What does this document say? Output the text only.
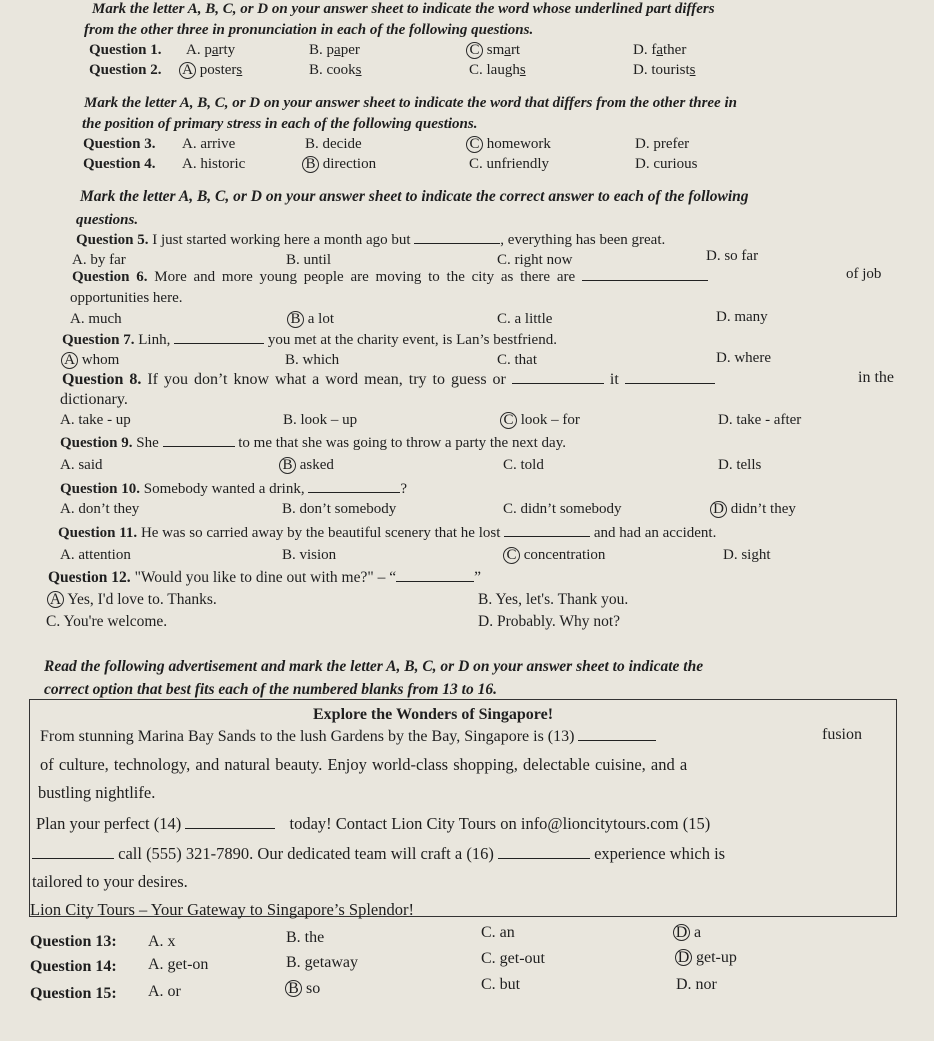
Mark the letter A, B, C, or D on your answer sheet to indicate the word whose underlined part differs
from the other three in pronunciation in each of the following questions.
Question 1. A. party	B. paper	C smart	D. father
Question 2. A posters	B. cooks	C. laughs	D. tourists
Mark the letter A, B, C, or D on your answer sheet to indicate the word that differs from the other three in
the position of primary stress in each of the following questions.
Question 3. A. arrive	B. decide	C homework	D. prefer
Question 4. A. historic	B direction	C. unfriendly	D. curious
Mark the letter A, B, C, or D on your answer sheet to indicate the correct answer to each of the following
questions.
Question 5. I just started working here a month ago but	, everything has been great.
A. by far	B. until	C. right now	D. so far
Question 6. More and more young people are moving to the city as there are	of job
opportunities here.
A. much	B a lot	C. a little	D. many
Question 7. Linh,	you met at the charity event, is Lan’s bestfriend.
A whom	B. which	C. that	D. where
Question 8. If you don’t know what a word mean, try to guess or	it	in the
dictionary.
A. take - up	B. look – up	C look – for	D. take - after
Question 9. She	to me that she was going to throw a party the next day.
A. said	B asked	C. told	D. tells
Question 10. Somebody wanted a drink,	?
A. don’t they	B. don’t somebody	C. didn’t somebody	D didn’t they
Question 11. He was so carried away by the beautiful scenery that he lost	and had an accident.
A. attention	B. vision	C concentration	D. sight
Question 12. "Would you like to dine out with me?" – “	”
A Yes, I'd love to. Thanks.	B. Yes, let's. Thank you.
C. You're welcome.	D. Probably. Why not?
Read the following advertisement and mark the letter A, B, C, or D on your answer sheet to indicate the
correct option that best fits each of the numbered blanks from 13 to 16.
Explore the Wonders of Singapore!
From stunning Marina Bay Sands to the lush Gardens by the Bay, Singapore is (13)	fusion
of culture, technology, and natural beauty. Enjoy world-class shopping, delectable cuisine, and a
bustling nightlife.
Plan your perfect (14)	today! Contact Lion City Tours on info@lioncitytours.com (15)
call (555) 321-7890. Our dedicated team will craft a (16)	experience which is
tailored to your desires.
Lion City Tours – Your Gateway to Singapore’s Splendor!
Question 13: A. x	B. the	C. an	D a
Question 14: A. get-on	B. getaway	C. get-out	D get-up
Question 15: A. or	B so	C. but	D. nor
